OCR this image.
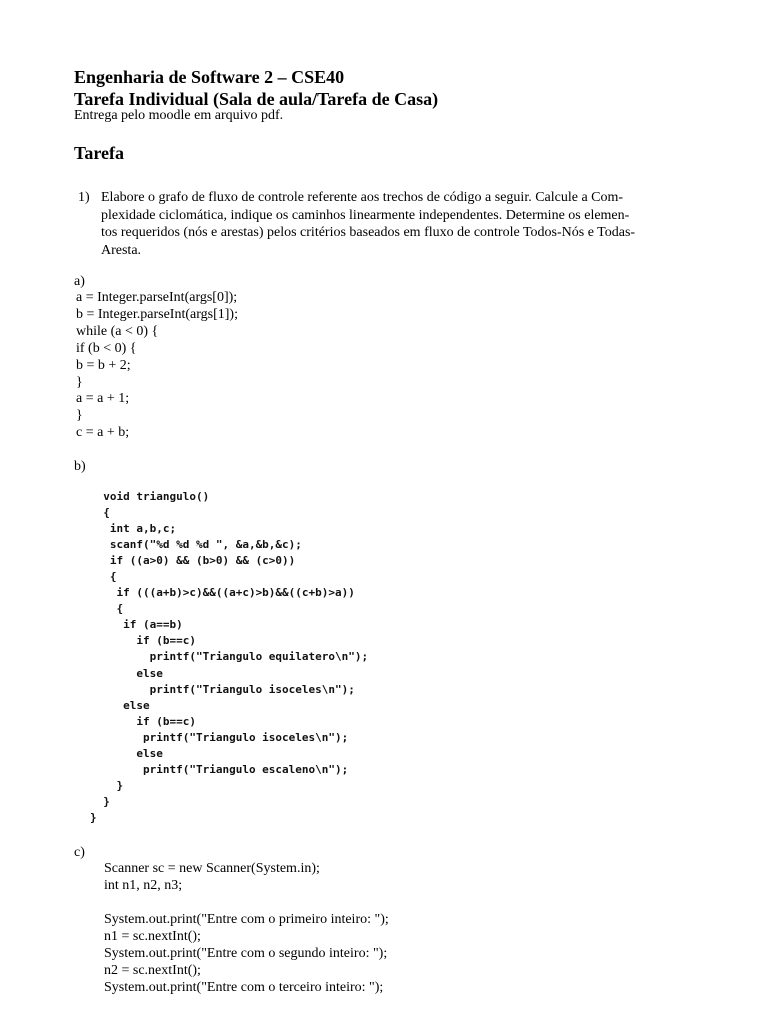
Engenharia de Software 2 – CSE40
Tarefa Individual (Sala de aula/Tarefa de Casa)
Entrega pelo moodle em arquivo pdf.
Tarefa
1) Elabore o grafo de fluxo de controle referente aos trechos de código a seguir. Calcule a Com-
plexidade ciclomática, indique os caminhos linearmente independentes. Determine os elemen-
tos requeridos (nós e arestas) pelos critérios baseados em fluxo de controle Todos-Nós e Todas-
Aresta.
a)
a = Integer.parseInt(args[0]);
b = Integer.parseInt(args[1]);
while (a < 0) {
if (b < 0) {
b = b + 2;
}
a = a + 1;
}
c = a + b;
b)
void triangulo()
{
int a,b,c;
scanf("%d %d %d ", &a,&b,&c);
if ((a>0) && (b>0) && (c>0))
{
if (((a+b)>c)&&((a+c)>b)&&((c+b)>a))
{
if (a==b)
if (b==c)
printf("Triangulo equilatero\n");
else
printf("Triangulo isoceles\n");
else
if (b==c)
printf("Triangulo isoceles\n");
else
printf("Triangulo escaleno\n");
}
}
}
c)
Scanner sc = new Scanner(System.in);
int n1, n2, n3;

System.out.print("Entre com o primeiro inteiro: ");
n1 = sc.nextInt();
System.out.print("Entre com o segundo inteiro: ");
n2 = sc.nextInt();
System.out.print("Entre com o terceiro inteiro: ");
